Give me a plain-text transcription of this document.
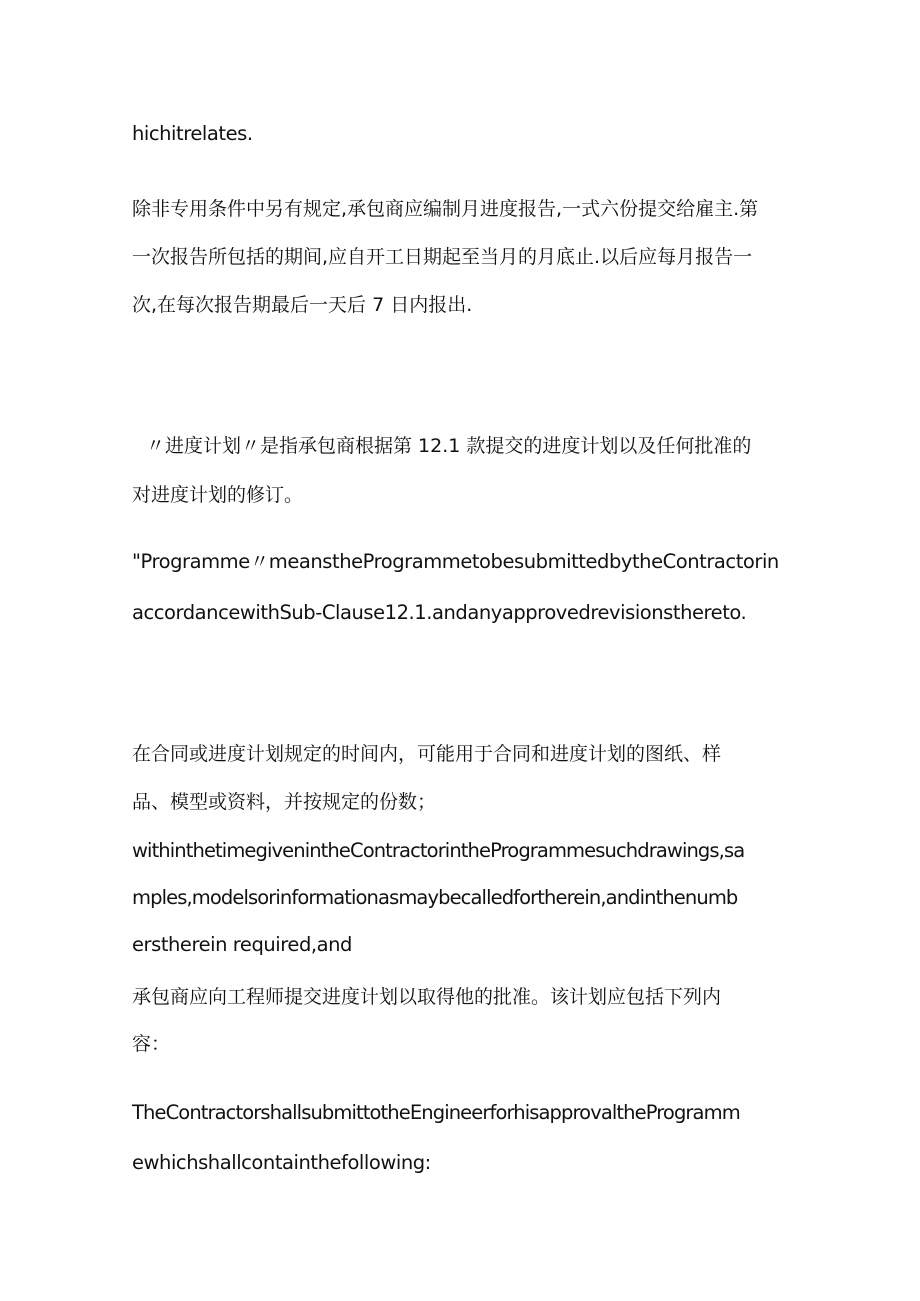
hichitrelates.
除非专用条件中另有规定,承包商应编制月进度报告,一式六份提交给雇主.第
一次报告所包括的期间,应自开工日期起至当月的月底止.以后应每月报告一
次,在每次报告期最后一天后 7 日内报出.
〃进度计划〃是指承包商根据第 12.1 款提交的进度计划以及任何批准的
对进度计划的修订。
"Programme〃meanstheProgrammetobesubmittedbytheContractorin
accordancewithSub-Clause12.1.andanyapprovedrevisionsthereto.
在合同或进度计划规定的时间内，可能用于合同和进度计划的图纸、样
品、模型或资料，并按规定的份数；
withinthetimegivenintheContractorintheProgrammesuchdrawings,sa
mples,modelsorinformationasmaybecalledfortherein,andinthenumb
erstherein required,and
承包商应向工程师提交进度计划以取得他的批准。该计划应包括下列内
容：
TheContractorshallsubmittotheEngineerforhisapprovaltheProgramm
ewhichshallcontainthefollowing:
